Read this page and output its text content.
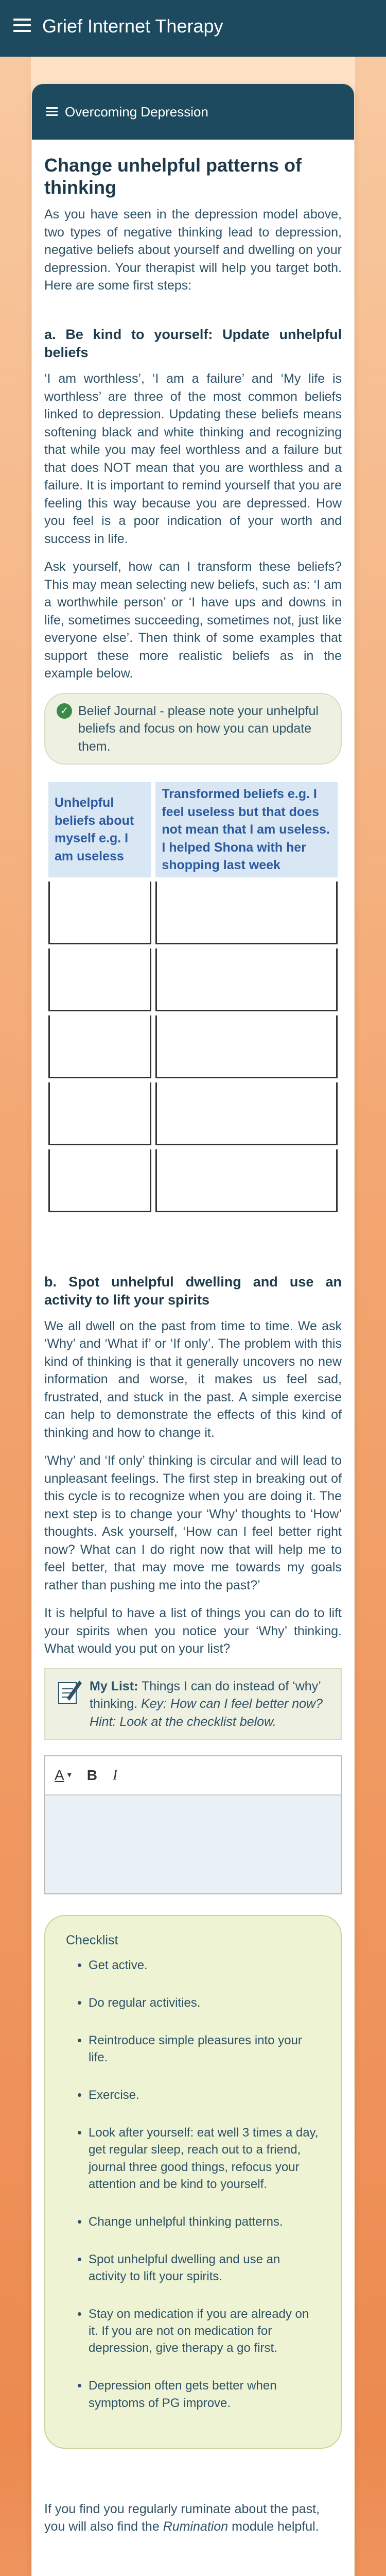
Grief Internet Therapy
Overcoming Depression
Change unhelpful patterns of thinking

As you have seen in the depression model above, two types of negative thinking lead to depression, negative beliefs about yourself and dwelling on your depression. Your therapist will help you target both. Here are some first steps:

a. Be kind to yourself: Update unhelpful beliefs

‘I am worthless’, ‘I am a failure’ and ‘My life is worthless’ are three of the most common beliefs linked to depression. Updating these beliefs means softening black and white thinking and recognizing that while you may feel worthless and a failure but that does NOT mean that you are worthless and a failure. It is important to remind yourself that you are feeling this way because you are depressed. How you feel is a poor indication of your worth and success in life.

Ask yourself, how can I transform these beliefs? This may mean selecting new beliefs, such as: ‘I am a worthwhile person’ or ‘I have ups and downs in life, sometimes succeeding, sometimes not, just like everyone else’. Then think of some examples that support these more realistic beliefs as in the example below.

✓ Belief Journal - please note your unhelpful beliefs and focus on how you can update them.
Unhelpful beliefs about myself e.g. I am useless	Transformed beliefs e.g. I feel useless but that does not mean that I am useless. I helped Shona with her shopping last week

b. Spot unhelpful dwelling and use an activity to lift your spirits

We all dwell on the past from time to time. We ask ‘Why’ and ‘What if’ or ‘If only’. The problem with this kind of thinking is that it generally uncovers no new information and worse, it makes us feel sad, frustrated, and stuck in the past. A simple exercise can help to demonstrate the effects of this kind of thinking and how to change it.

‘Why’ and ‘If only’ thinking is circular and will lead to unpleasant feelings. The first step in breaking out of this cycle is to recognize when you are doing it. The next step is to change your ‘Why’ thoughts to ‘How’ thoughts. Ask yourself, ‘How can I feel better right now? What can I do right now that will help me to feel better, that may move me towards my goals rather than pushing me into the past?’

It is helpful to have a list of things you can do to lift your spirits when you notice your ‘Why’ thinking. What would you put on your list?

My List: Things I can do instead of ‘why’ thinking. Key: How can I feel better now? Hint: Look at the checklist below.
A ▾ B I
Checklist

• Get active.

• Do regular activities.

• Reintroduce simple pleasures into your life.

• Exercise.

• Look after yourself: eat well 3 times a day, get regular sleep, reach out to a friend, journal three good things, refocus your attention and be kind to yourself.

• Change unhelpful thinking patterns.

• Spot unhelpful dwelling and use an activity to lift your spirits.

• Stay on medication if you are already on it. If you are not on medication for depression, give therapy a go first.

• Depression often gets better when symptoms of PG improve.

If you find you regularly ruminate about the past, you will also find the Rumination module helpful.
